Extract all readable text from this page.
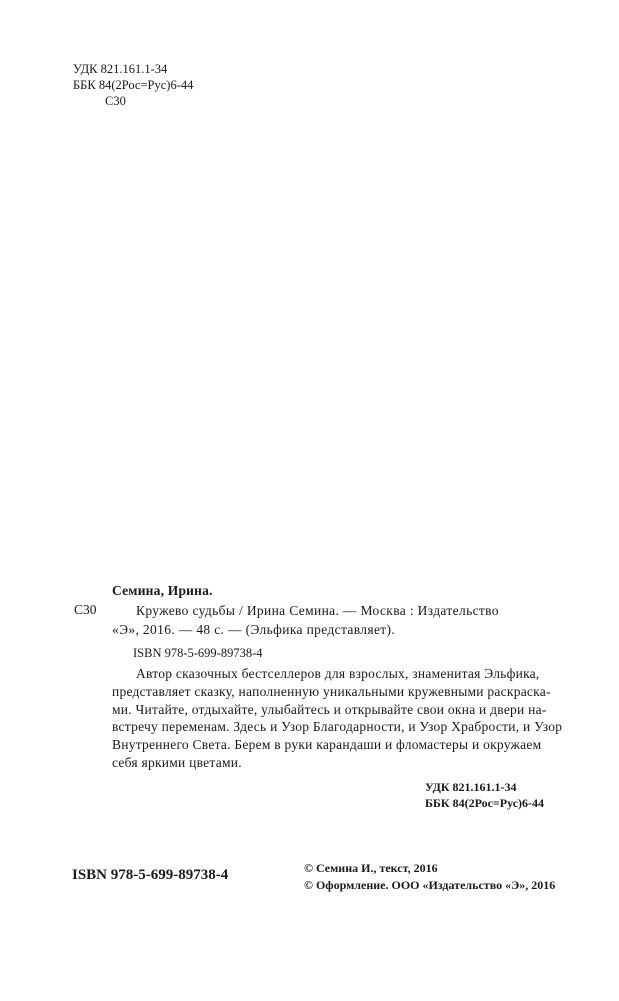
УДК 821.161.1-34
ББК 84(2Рос=Рус)6-44
С30
Семина, Ирина.
С30	Кружево судьбы / Ирина Семина. — Москва : Издательство
«Э», 2016. — 48 с. — (Эльфика представляет).
ISBN 978-5-699-89738-4
Автор сказочных бестселлеров для взрослых, знаменитая Эльфика,
представляет сказку, наполненную уникальными кружевными раскраска-
ми. Читайте, отдыхайте, улыбайтесь и открывайте свои окна и двери на-
встречу переменам. Здесь и Узор Благодарности, и Узор Храбрости, и Узор
Внутреннего Света. Берем в руки карандаши и фломастеры и окружаем
себя яркими цветами.
УДК 821.161.1-34
ББК 84(2Рос=Рус)6-44
ISBN 978-5-699-89738-4	© Семина И., текст, 2016
© Оформление. ООО «Издательство «Э», 2016
